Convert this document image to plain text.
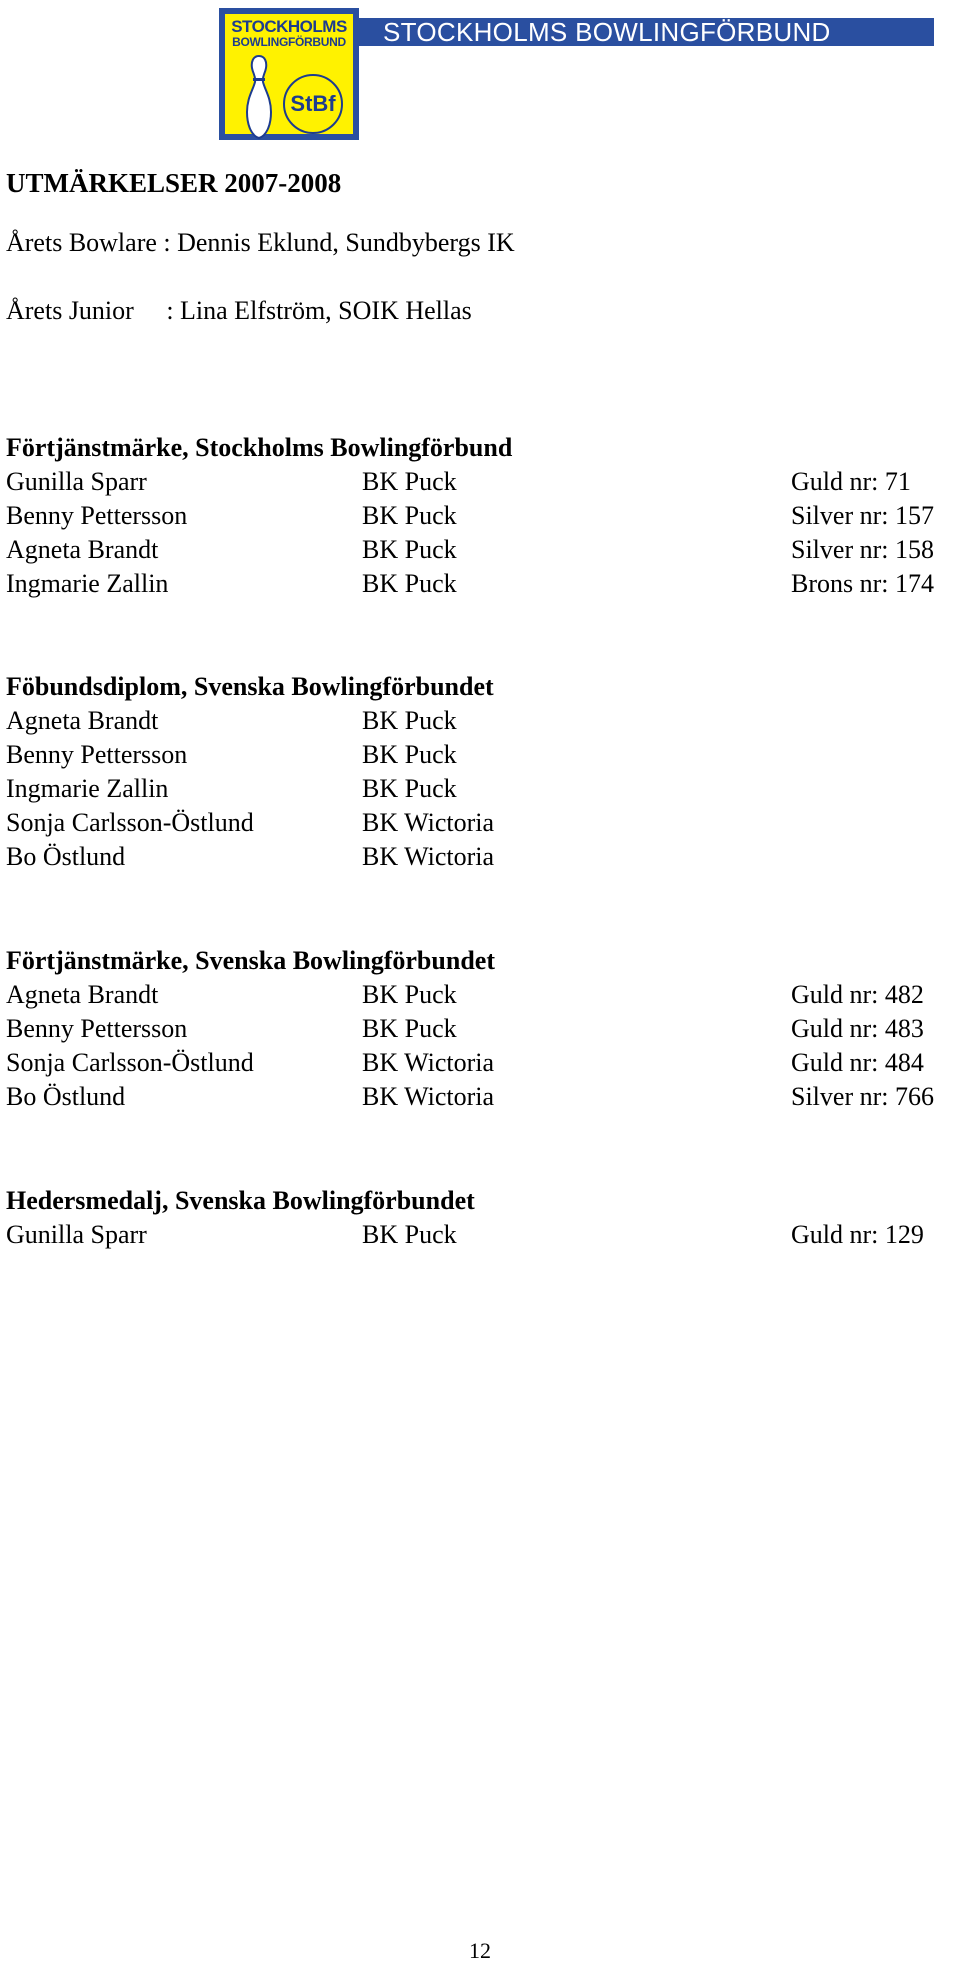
STOCKHOLMS
BOWLINGFÖRBUND
StBf
STOCKHOLMS BOWLINGFÖRBUND
UTMÄRKELSER 2007-2008
Årets Bowlare : Dennis Eklund, Sundbybergs IK
Årets Junior     : Lina Elfström, SOIK Hellas
Förtjänstmärke, Stockholms Bowlingförbund
Gunilla Sparr	BK Puck	Guld nr: 71
Benny Pettersson	BK Puck	Silver nr: 157
Agneta Brandt	BK Puck	Silver nr: 158
Ingmarie Zallin	BK Puck	Brons nr: 174
Föbundsdiplom, Svenska Bowlingförbundet
Agneta Brandt	BK Puck
Benny Pettersson	BK Puck
Ingmarie Zallin	BK Puck
Sonja Carlsson-Östlund	BK Wictoria
Bo Östlund	BK Wictoria
Förtjänstmärke, Svenska Bowlingförbundet
Agneta Brandt	BK Puck	Guld nr: 482
Benny Pettersson	BK Puck	Guld nr: 483
Sonja Carlsson-Östlund	BK Wictoria	Guld nr: 484
Bo Östlund	BK Wictoria	Silver nr: 766
Hedersmedalj, Svenska Bowlingförbundet
Gunilla Sparr	BK Puck	Guld nr: 129
12
